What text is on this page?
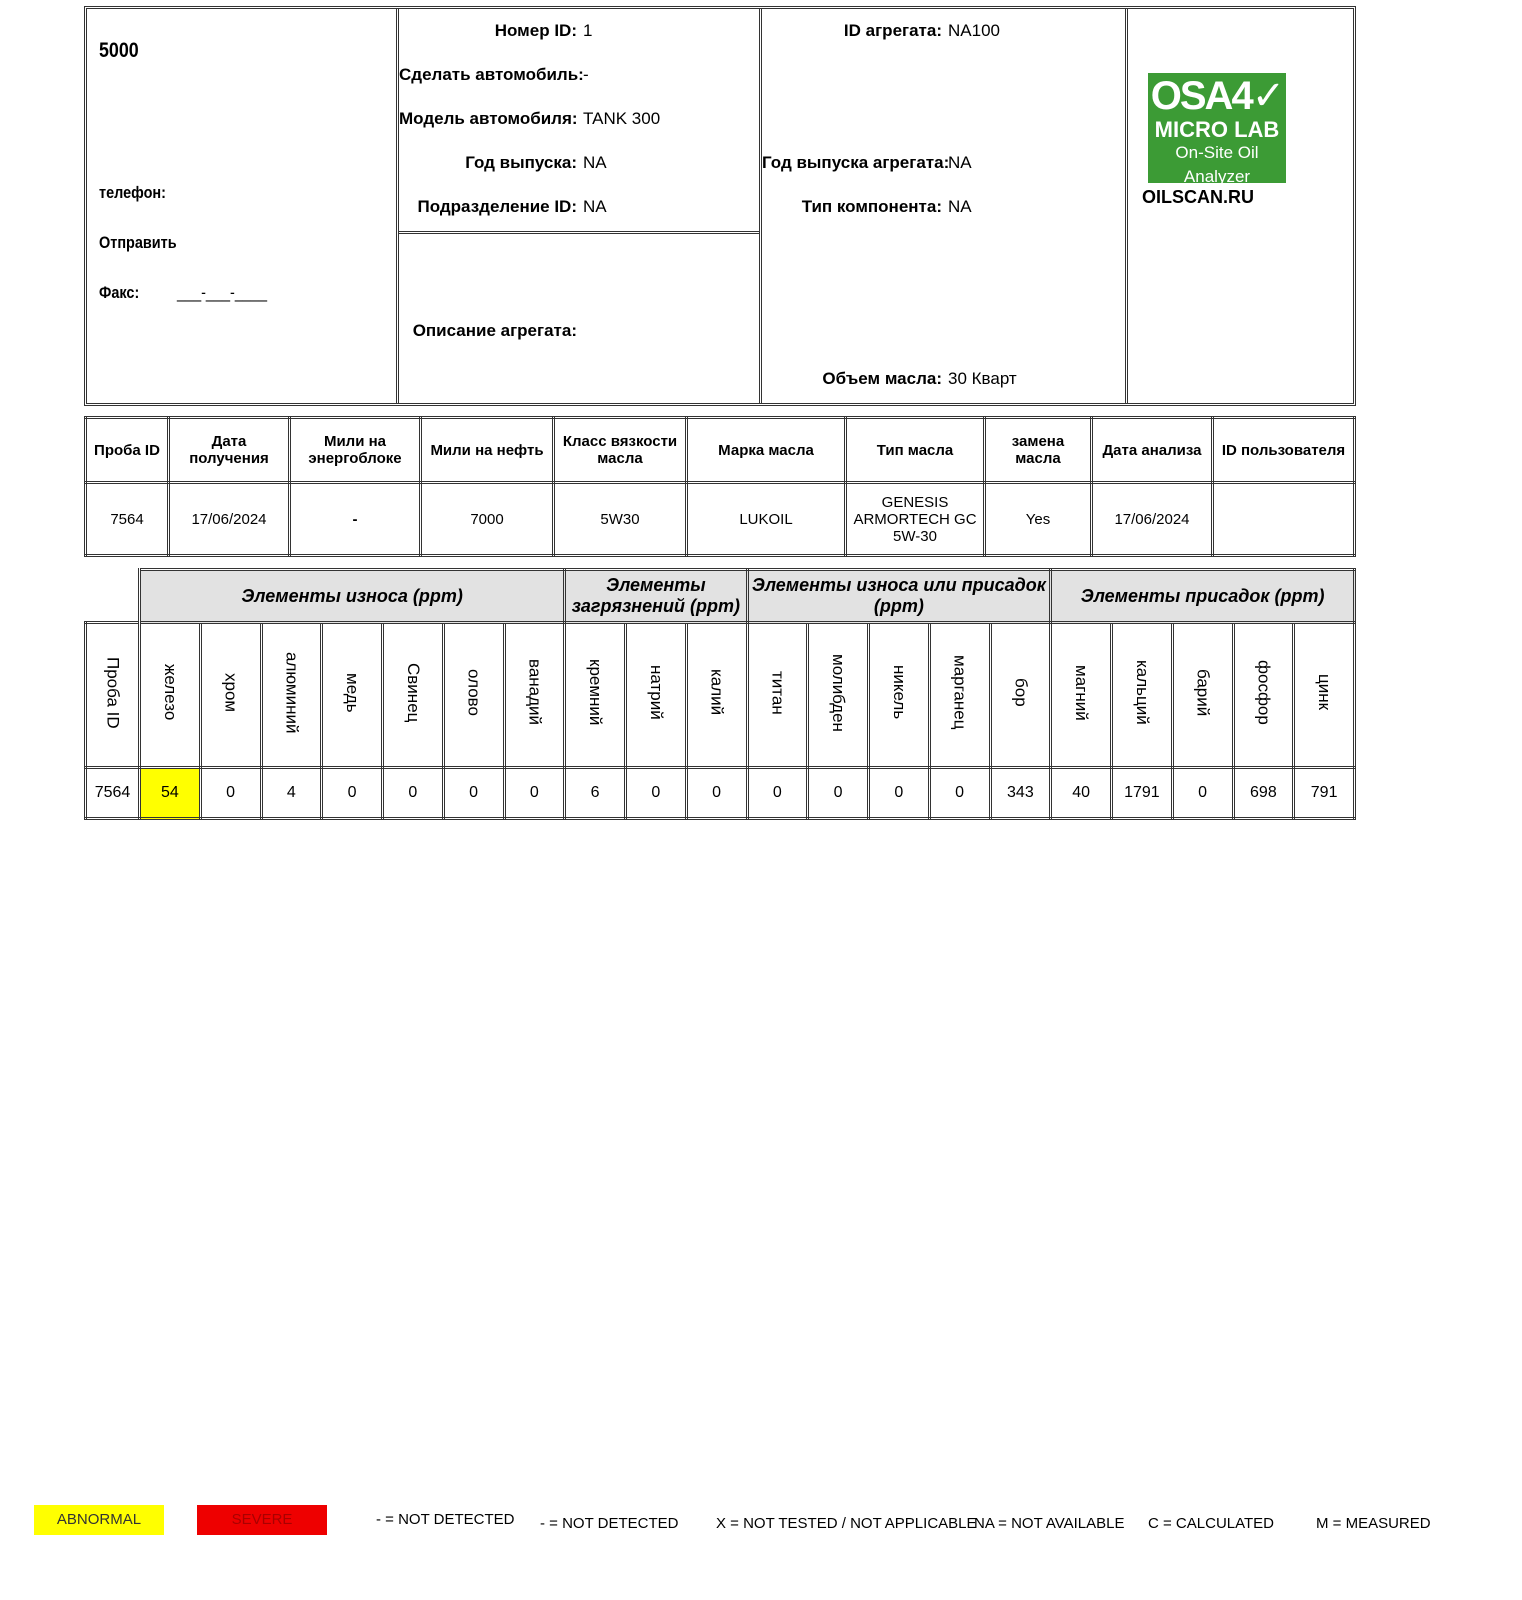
5000
телефон:
Отправить
Факс: ___-___-____
Номер ID: 1
Сделать автомобиль: -
Модель автомобиля: TANK 300
Год выпуска: NA
Подразделение ID: NA
Описание агрегата:
ID агрегата: NA100
Год выпуска агрегата:
NA
Тип компонента: NA
Объем масла: 30 Кварт
OSA4✓
MICRO LAB
On-Site Oil Analyzer
OILSCAN.RU
Проба ID	Дата получения	Мили на энергоблоке	Мили на нефть	Класс вязкости масла	Марка масла	Тип масла	замена масла	Дата анализа	ID пользователя
7564	17/06/2024	-	7000	5W30	LUKOIL	GENESIS ARMORTECH GC 5W-30	Yes	17/06/2024	
	Элементы износа (ppm)							Элементы загрязнений (ppm)			Элементы износа или присадок (ppm)					Элементы присадок (ppm)				
Проба ID	железо	хром	алюминий	медь	Свинец	олово	ванадий	кремний	натрий	калий	титан	молибден	никель	марганец	бор	магний	кальций	барий	фосфор	цинк
7564	54	0	4	0	0	0	0	6	0	0	0	0	0	0	343	40	1791	0	698	791
ABNORMAL	SEVERE	- = NOT DETECTED - = NOT DETECTED	X = NOT TESTED / NOT APPLICABLE
NA = NOT AVAILABLE C = CALCULATED	M = MEASURED
